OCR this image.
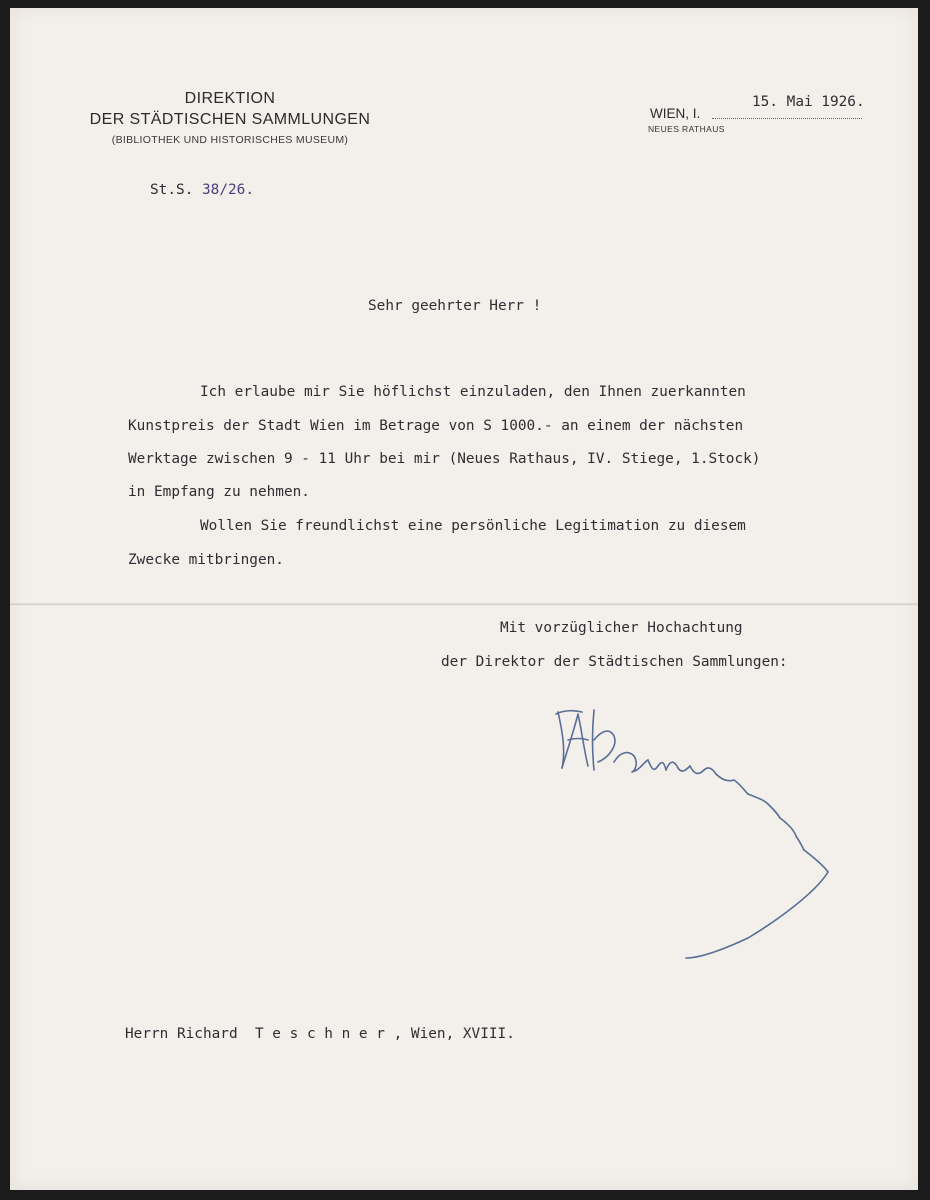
DIREKTION
DER STÄDTISCHEN SAMMLUNGEN
(BIBLIOTHEK UND HISTORISCHES MUSEUM)
WIEN, I.
NEUES RATHAUS
15. Mai 1926.
St.S. 38/26.
Sehr geehrter Herr !
Ich erlaube mir Sie höflichst einzuladen, den Ihnen zuerkannten
Kunstpreis der Stadt Wien im Betrage von S 1000.- an einem der nächsten
Werktage zwischen 9 - 11 Uhr bei mir (Neues Rathaus, IV. Stiege, 1.Stock)
in Empfang zu nehmen.
Wollen Sie freundlichst eine persönliche Legitimation zu diesem
Zwecke mitbringen.
Mit vorzüglicher Hochachtung
der Direktor der Städtischen Sammlungen:
Herrn Richard  T e s c h n e r , Wien, XVIII.
